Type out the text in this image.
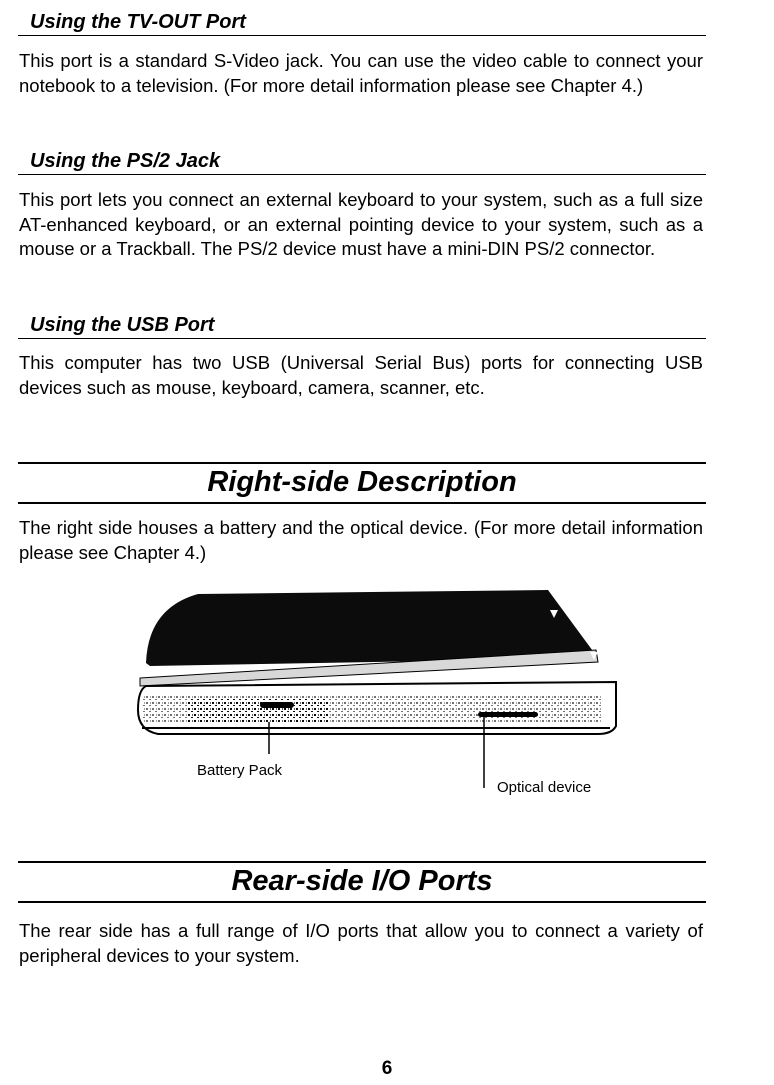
Using the TV-OUT Port

This port is a standard S-Video jack. You can use the video cable to connect your notebook to a television. (For more detail information please see Chapter 4.)

Using the PS/2 Jack

This port lets you connect an external keyboard to your system, such as a full size AT-enhanced keyboard, or an external pointing device to your system, such as a mouse or a Trackball. The PS/2 device must have a mini-DIN PS/2 connector.

Using the USB Port

This computer has two USB (Universal Serial Bus) ports for connecting USB devices such as mouse, keyboard, camera, scanner, etc.

Right-side Description

The right side houses a battery and the optical device. (For more detail information please see Chapter 4.)

Battery Pack
Optical device
Rear-side I/O Ports

The rear side has a full range of I/O ports that allow you to connect a variety of peripheral devices to your system.

6
